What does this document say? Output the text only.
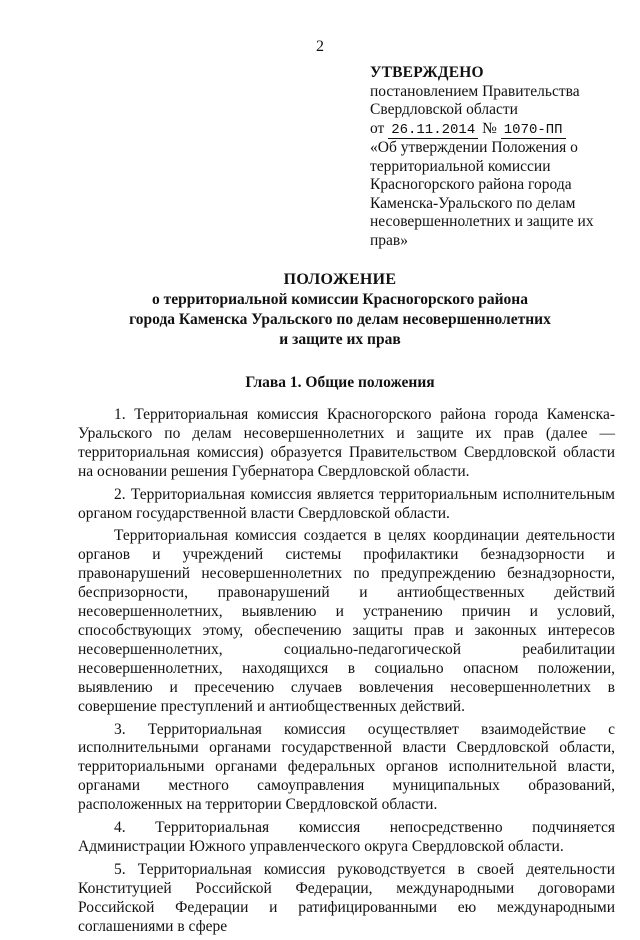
2
УТВЕРЖДЕНО
постановлением Правительства
Свердловской области
от 26.11.2014 № 1070-ПП
«Об утверждении Положения о территориальной комиссии Красногорского района города Каменска-Уральского по делам несовершеннолетних и защите их прав»
ПОЛОЖЕНИЕ
о территориальной комиссии Красногорского района
города Каменска Уральского по делам несовершеннолетних
и защите их прав
Глава 1. Общие положения

1. Территориальная комиссия Красногорского района города Каменска-Уральского по делам несовершеннолетних и защите их прав (далее — территориальная комиссия) образуется Правительством Свердловской области на основании решения Губернатора Свердловской области.

2. Территориальная комиссия является территориальным исполнительным органом государственной власти Свердловской области.

Территориальная комиссия создается в целях координации деятельности органов и учреждений системы профилактики безнадзорности и правонарушений несовершеннолетних по предупреждению безнадзорности, беспризорности, правонарушений и антиобщественных действий несовершеннолетних, выявлению и устранению причин и условий, способствующих этому, обеспечению защиты прав и законных интересов несовершеннолетних, социально-педагогической реабилитации несовершеннолетних, находящихся в социально опасном положении, выявлению и пресечению случаев вовлечения несовершеннолетних в совершение преступлений и антиобщественных действий.

3. Территориальная комиссия осуществляет взаимодействие с исполнительными органами государственной власти Свердловской области, территориальными органами федеральных органов исполнительной власти, органами местного самоуправления муниципальных образований, расположенных на территории Свердловской области.

4. Территориальная комиссия непосредственно подчиняется Администрации Южного управленческого округа Свердловской области.

5. Территориальная комиссия руководствуется в своей деятельности Конституцией Российской Федерации, международными договорами Российской Федерации и ратифицированными ею международными соглашениями в сфере
